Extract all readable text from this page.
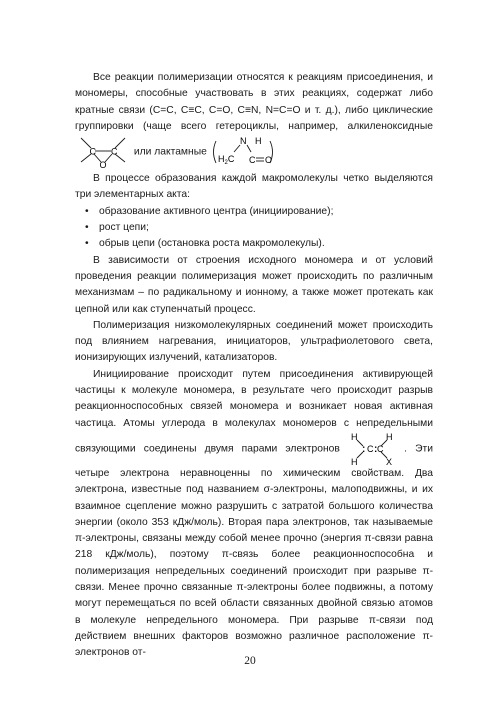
Все реакции полимеризации относятся к реакциям присоединения, и мономеры, способные участвовать в этих реакциях, содержат либо кратные связи (C=C, C≡C, C=O, C≡N, N=C=O и т. д.), либо циклические группировки (чаще всего гетероциклы, например, алкиленоксидные
C C
O
или лактамные
N H
$H_2C$ C O

В процессе образования каждой макромолекулы четко выделяются три элементарных акта:

• образование активного центра (инициирование);
• рост цепи;
• обрыв цепи (остановка роста макромолекулы).

В зависимости от строения исходного мономера и от условий проведения реакции полимеризация может происходить по различным механизмам – по радикальному и ионному, а также может протекать как цепной или как ступенчатый процесс.

Полимеризация низкомолекулярных соединений может происходить под влиянием нагревания, инициаторов, ультрафиолетового света, ионизирующих излучений, катализаторов.

Инициирование происходит путем присоединения активирующей частицы к молекуле мономера, в результате чего происходит разрыв реакционноспособных связей мономера и возникает новая активная частица. Атомы углерода в молекулах мономеров с непредельными связующими соединены двумя парами электронов
H
H
H
X
: C : C . Эти четыре электрона неравноценны по химическим свойствам. Два электрона, известные под названием σ-электроны, малоподвижны, и их взаимное сцепление можно разрушить с затратой большого количества энергии (около 353 кДж/моль). Вторая пара электронов, так называемые π-электроны, связаны между собой менее прочно (энергия π-связи равна 218 кДж/моль), поэтому π-связь более реакционноспособна и полимеризация непредельных соединений происходит при разрыве π-связи. Менее прочно связанные π-электроны более подвижны, а потому могут перемещаться по всей области связанных двойной связью атомов в молекуле непредельного мономера. При разрыве π-связи под действием внешних факторов возможно различное расположение π-электронов от-

20
